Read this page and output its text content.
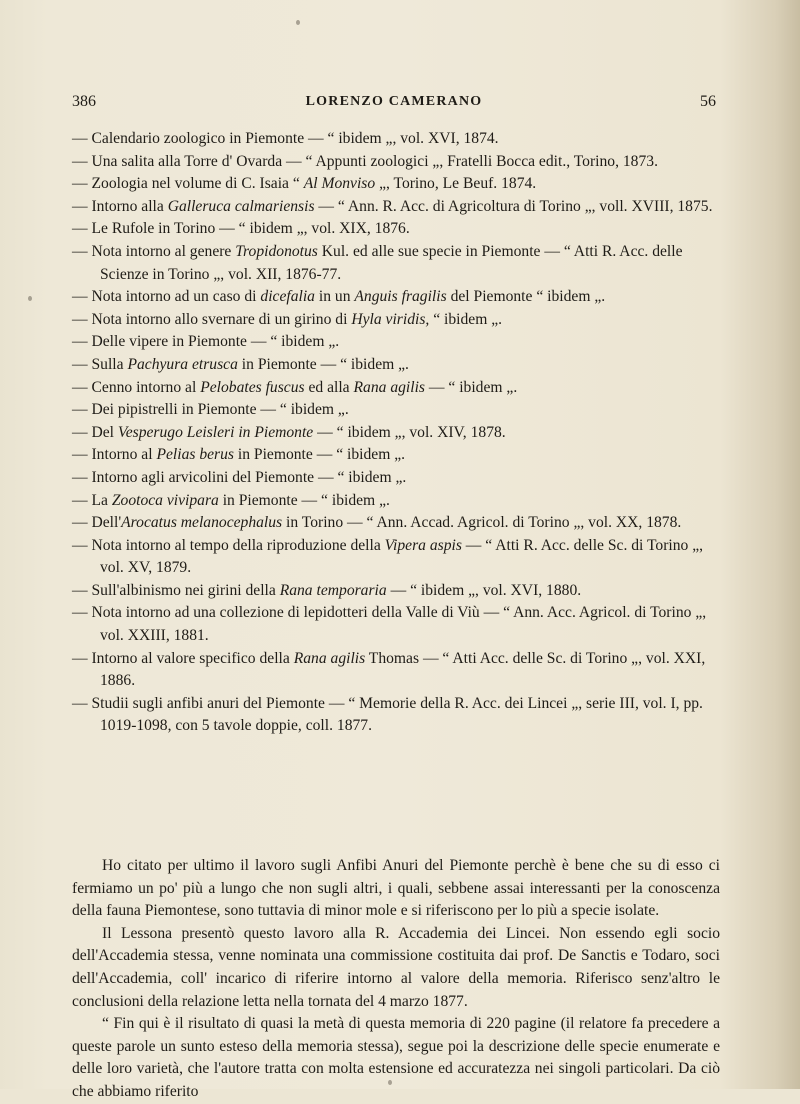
386	LORENZO CAMERANO	56
— Calendario zoologico in Piemonte — “ ibidem „, vol. XVI, 1874.
— Una salita alla Torre d' Ovarda — “ Appunti zoologici „, Fratelli Bocca edit., Torino, 1873.
— Zoologia nel volume di C. Isaia “ Al Monviso „, Torino, Le Beuf. 1874.
— Intorno alla Galleruca calmariensis — “ Ann. R. Acc. di Agricoltura di Torino „, voll. XVIII, 1875.
— Le Rufole in Torino — “ ibidem „, vol. XIX, 1876.
— Nota intorno al genere Tropidonotus Kul. ed alle sue specie in Piemonte — “ Atti R. Acc. delle Scienze in Torino „, vol. XII, 1876-77.
— Nota intorno ad un caso di dicefalia in un Anguis fragilis del Piemonte “ ibidem „.
— Nota intorno allo svernare di un girino di Hyla viridis, “ ibidem „.
— Delle vipere in Piemonte — “ ibidem „.
— Sulla Pachyura etrusca in Piemonte — “ ibidem „.
— Cenno intorno al Pelobates fuscus ed alla Rana agilis — “ ibidem „.
— Dei pipistrelli in Piemonte — “ ibidem „.
— Del Vesperugo Leisleri in Piemonte — “ ibidem „, vol. XIV, 1878.
— Intorno al Pelias berus in Piemonte — “ ibidem „.
— Intorno agli arvicolini del Piemonte — “ ibidem „.
— La Zootoca vivipara in Piemonte — “ ibidem „.
— Dell'Arocatus melanocephalus in Torino — “ Ann. Accad. Agricol. di Torino „, vol. XX, 1878.
— Nota intorno al tempo della riproduzione della Vipera aspis — “ Atti R. Acc. delle Sc. di Torino „, vol. XV, 1879.
— Sull'albinismo nei girini della Rana temporaria — “ ibidem „, vol. XVI, 1880.
— Nota intorno ad una collezione di lepidotteri della Valle di Viù — “ Ann. Acc. Agricol. di Torino „, vol. XXIII, 1881.
— Intorno al valore specifico della Rana agilis Thomas — “ Atti Acc. delle Sc. di Torino „, vol. XXI, 1886.
— Studii sugli anfibi anuri del Piemonte — “ Memorie della R. Acc. dei Lincei „, serie III, vol. I, pp. 1019-1098, con 5 tavole doppie, coll. 1877.

Ho citato per ultimo il lavoro sugli Anfibi Anuri del Piemonte perchè è bene che su di esso ci fermiamo un po' più a lungo che non sugli altri, i quali, sebbene assai interessanti per la conoscenza della fauna Piemontese, sono tuttavia di minor mole e si riferiscono per lo più a specie isolate.

Il Lessona presentò questo lavoro alla R. Accademia dei Lincei. Non essendo egli socio dell'Accademia stessa, venne nominata una commissione costituita dai prof. De Sanctis e Todaro, soci dell'Accademia, coll' incarico di riferire intorno al valore della memoria. Riferisco senz'altro le conclusioni della relazione letta nella tornata del 4 marzo 1877.

“ Fin qui è il risultato di quasi la metà di questa memoria di 220 pagine (il relatore fa precedere a queste parole un sunto esteso della memoria stessa), segue poi la descrizione delle specie enumerate e delle loro varietà, che l'autore tratta con molta estensione ed accuratezza nei singoli particolari. Da ciò che abbiamo riferito
